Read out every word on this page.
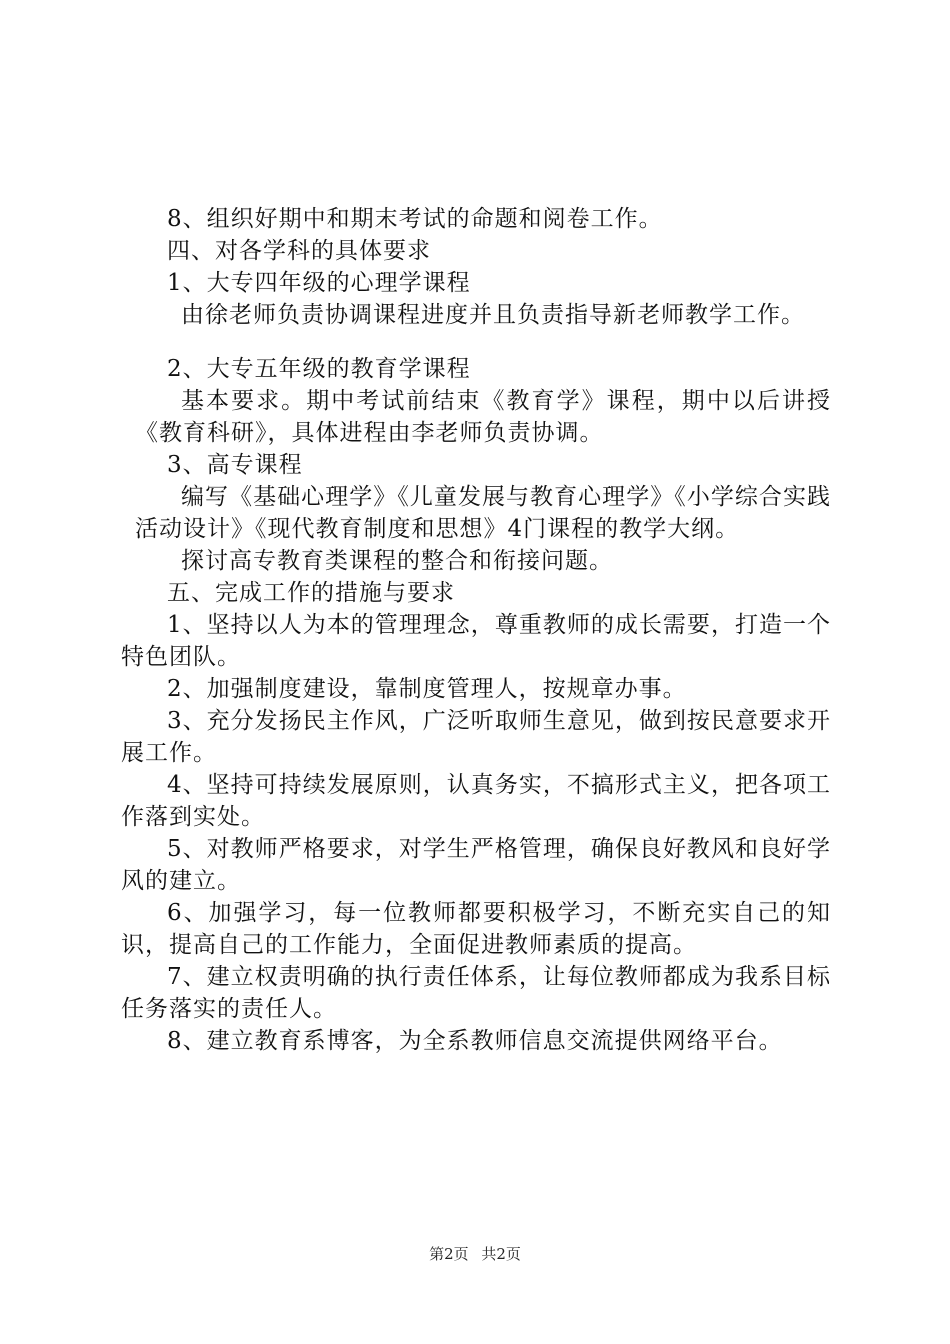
8、组织好期中和期末考试的命题和阅卷工作。

四、对各学科的具体要求

1、大专四年级的心理学课程

由徐老师负责协调课程进度并且负责指导新老师教学工作。

2、大专五年级的教育学课程

基本要求。期中考试前结束《教育学》课程，期中以后讲授《教育科研》，具体进程由李老师负责协调。

3、高专课程

编写《基础心理学》《儿童发展与教育心理学》《小学综合实践活动设计》《现代教育制度和思想》4门课程的教学大纲。

探讨高专教育类课程的整合和衔接问题。

五、完成工作的措施与要求

1、坚持以人为本的管理理念，尊重教师的成长需要，打造一个特色团队。

2、加强制度建设，靠制度管理人，按规章办事。

3、充分发扬民主作风，广泛听取师生意见，做到按民意要求开展工作。

4、坚持可持续发展原则，认真务实，不搞形式主义，把各项工作落到实处。

5、对教师严格要求，对学生严格管理，确保良好教风和良好学风的建立。

6、加强学习，每一位教师都要积极学习，不断充实自己的知识，提高自己的工作能力，全面促进教师素质的提高。

7、建立权责明确的执行责任体系，让每位教师都成为我系目标任务落实的责任人。

8、建立教育系博客，为全系教师信息交流提供网络平台。

第2页 共2页
